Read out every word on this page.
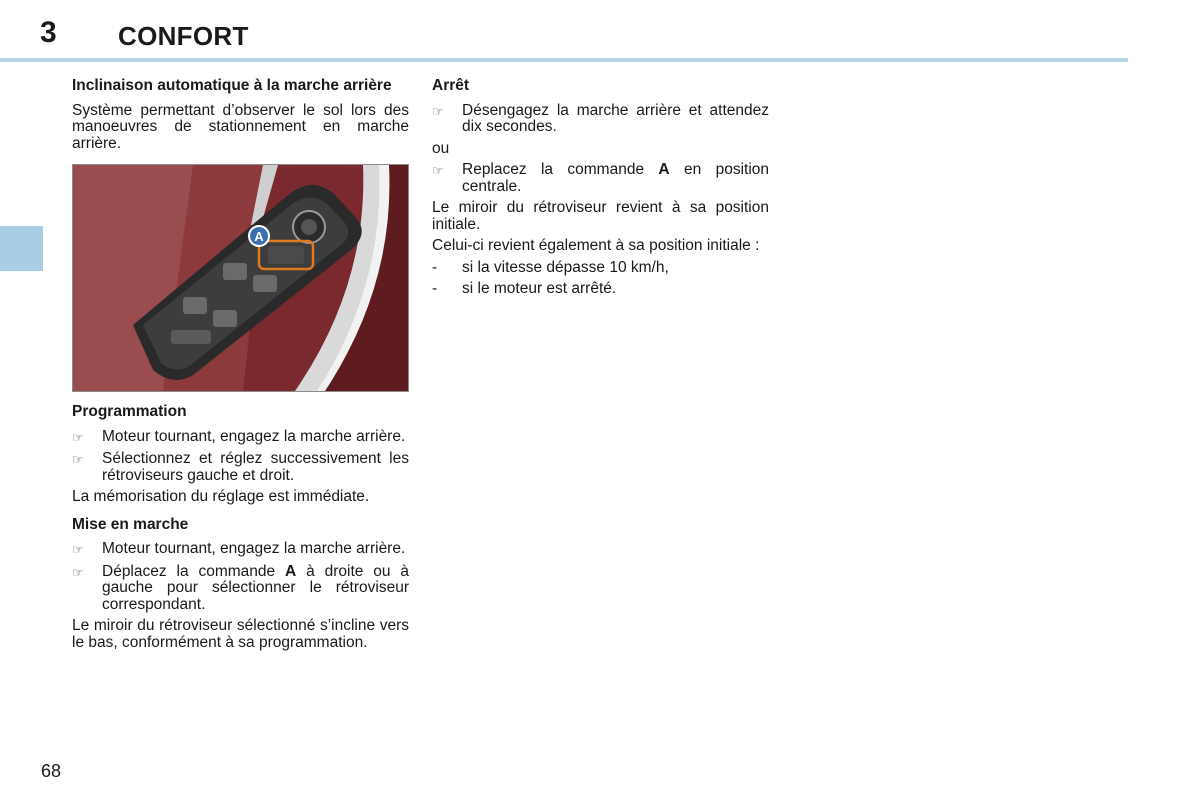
3 CONFORT
Inclinaison automatique à la marche arrière

Système permettant d’observer le sol lors des manoeuvres de stationnement en marche arrière.

A
Programmation
☞	Moteur tournant, engagez la marche arrière.
☞	Sélectionnez et réglez successivement les rétroviseurs gauche et droit.

La mémorisation du réglage est immédiate.

Mise en marche
☞	Moteur tournant, engagez la marche arrière.
☞	Déplacez la commande A à droite ou à gauche pour sélectionner le rétroviseur correspondant.

Le miroir du rétroviseur sélectionné s’incline vers le bas, conformément à sa programmation.

Arrêt
☞	Désengagez la marche arrière et attendez dix secondes.

ou

☞	Replacez la commande A en position centrale.

Le miroir du rétroviseur revient à sa position initiale.

Celui-ci revient également à sa position initiale :

-	si la vitesse dépasse 10 km/h,
-	si le moteur est arrêté.
68
